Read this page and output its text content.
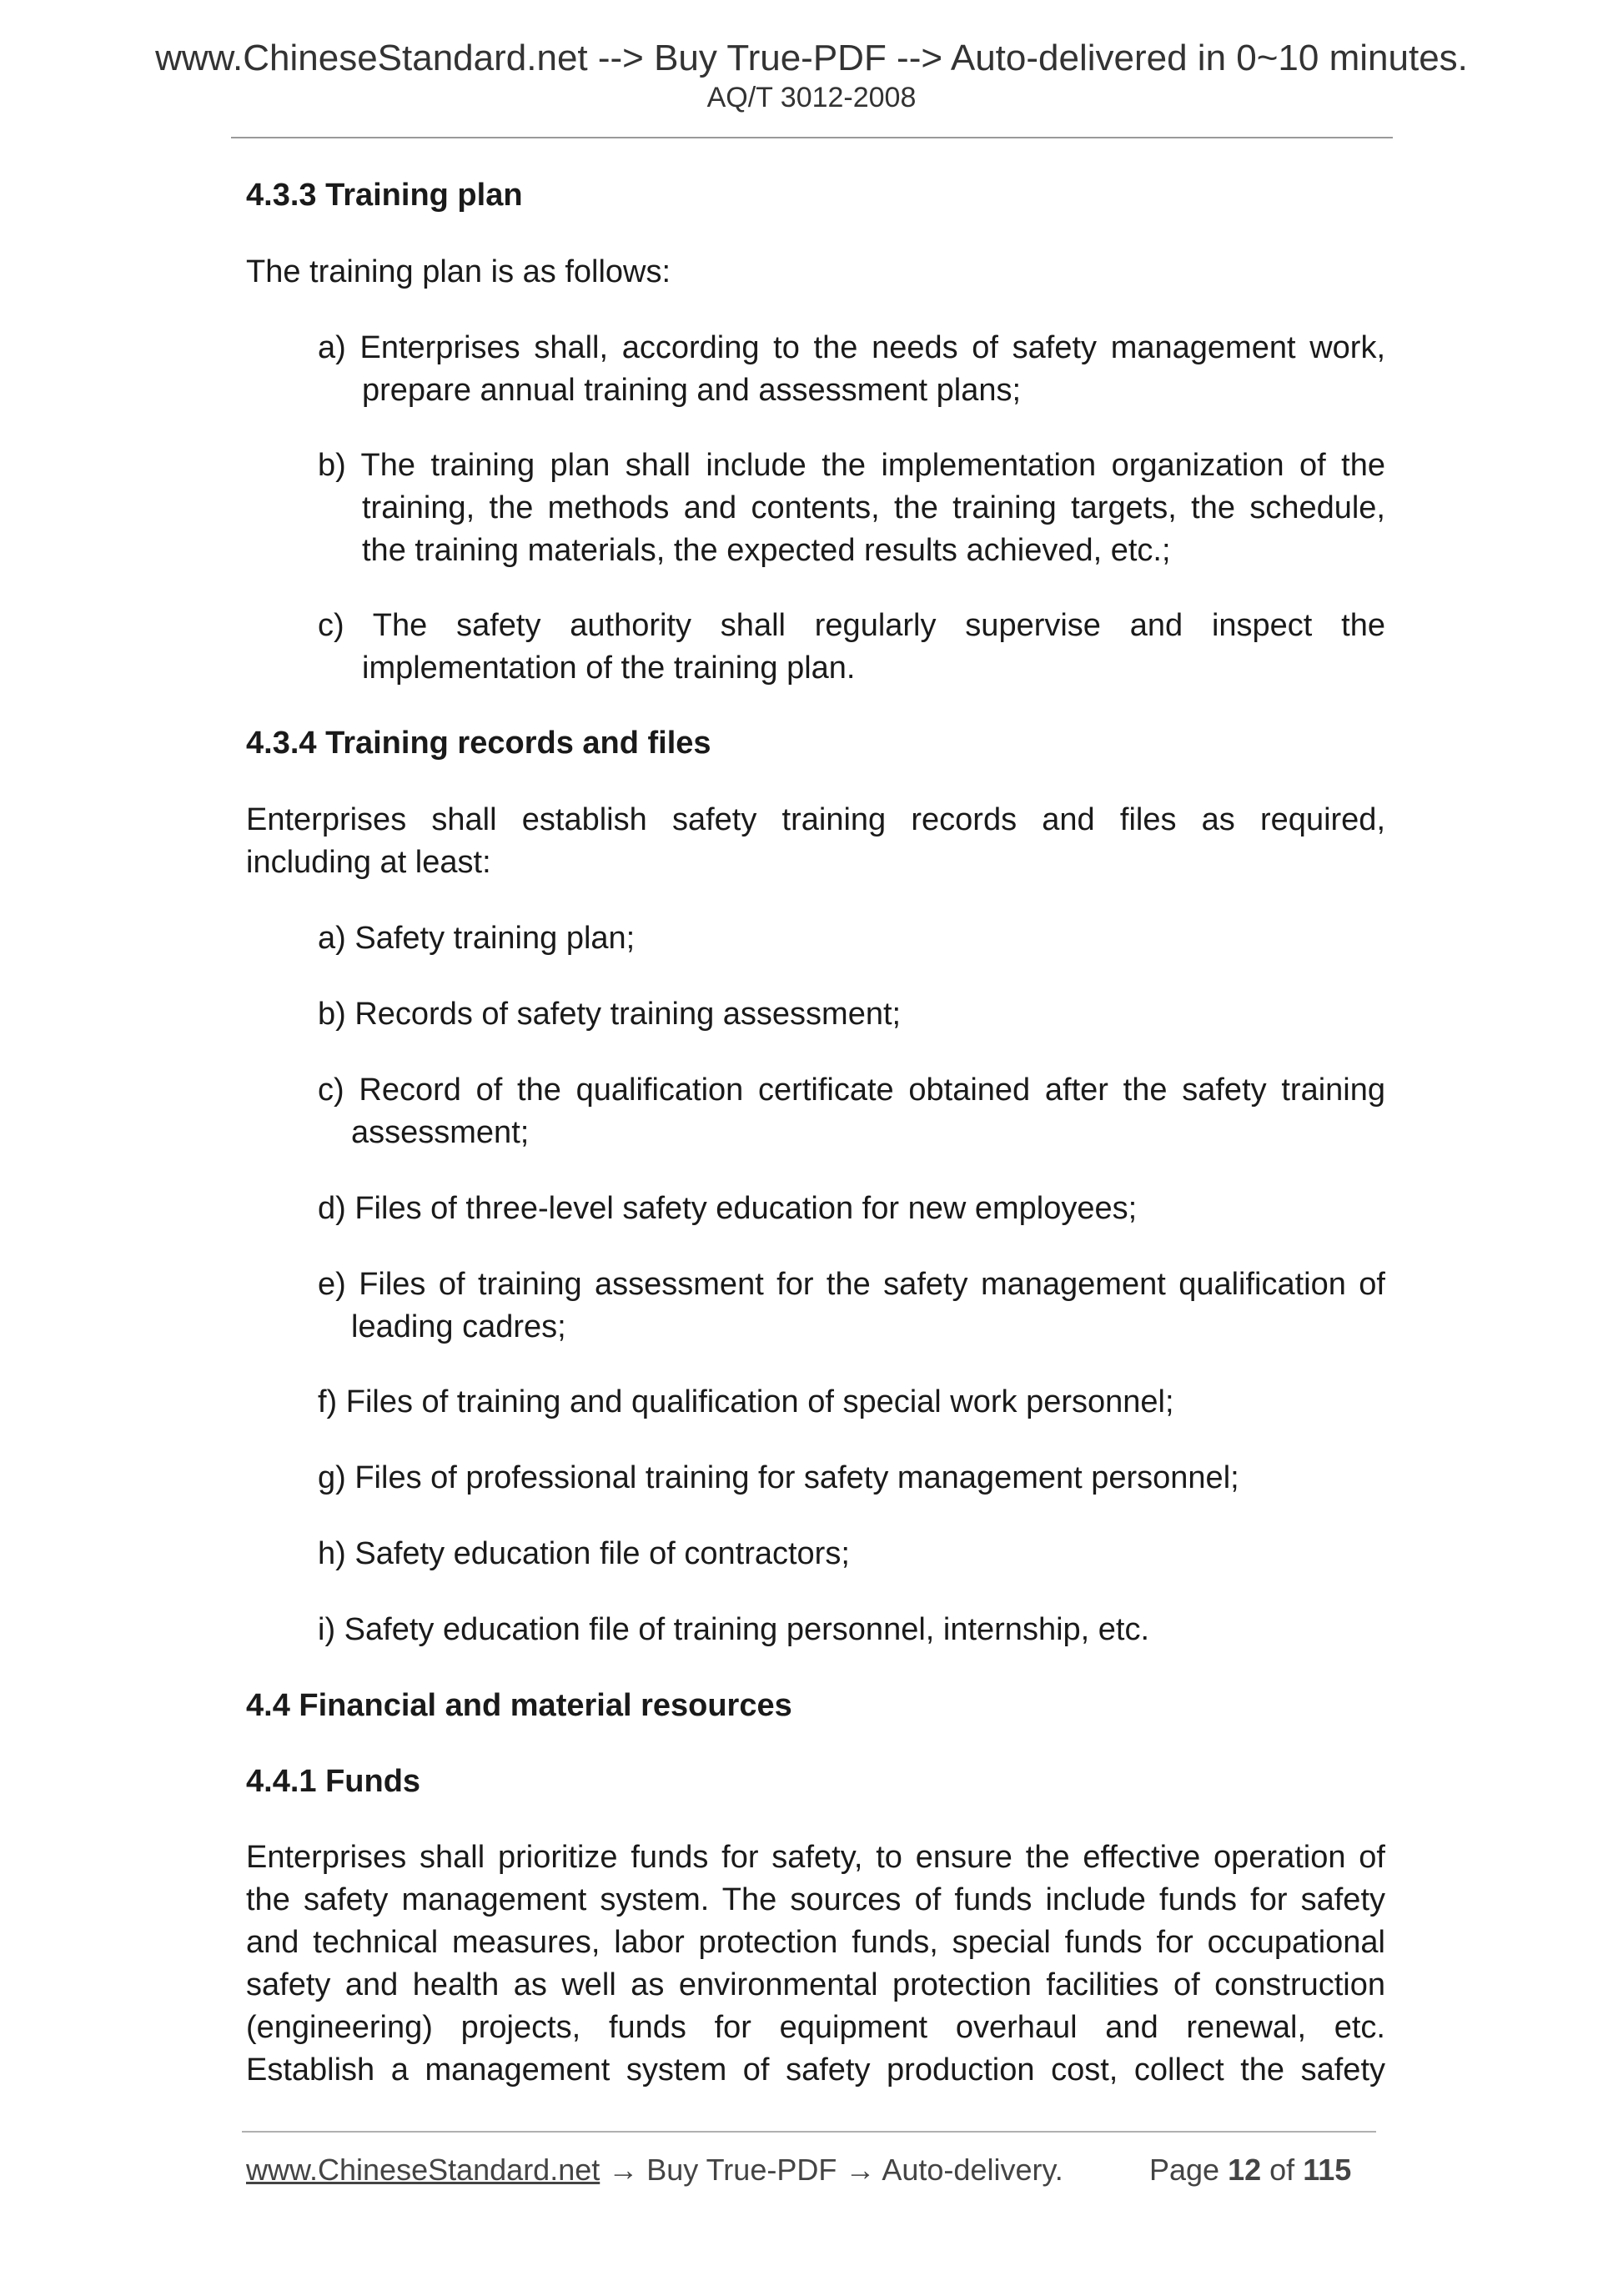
www.ChineseStandard.net --> Buy True-PDF --> Auto-delivered in 0~10 minutes.
AQ/T 3012-2008

4.3.3 Training plan

The training plan is as follows:

a) Enterprises shall, according to the needs of safety management work,
prepare annual training and assessment plans;
b) The training plan shall include the implementation organization of the
training, the methods and contents, the training targets, the schedule,
the training materials, the expected results achieved, etc.;
c) The safety authority shall regularly supervise and inspect the
implementation of the training plan.

4.3.4 Training records and files

Enterprises shall establish safety training records and files as required,
including at least:

a) Safety training plan;

b) Records of safety training assessment;

c) Record of the qualification certificate obtained after the safety training
assessment;

d) Files of three-level safety education for new employees;

e) Files of training assessment for the safety management qualification of
leading cadres;

f) Files of training and qualification of special work personnel;

g) Files of professional training for safety management personnel;

h) Safety education file of contractors;

i) Safety education file of training personnel, internship, etc.

4.4 Financial and material resources

4.4.1 Funds

Enterprises shall prioritize funds for safety, to ensure the effective operation of
the safety management system. The sources of funds include funds for safety
and technical measures, labor protection funds, special funds for occupational
safety and health as well as environmental protection facilities of construction
(engineering) projects, funds for equipment overhaul and renewal, etc.
Establish a management system of safety production cost, collect the safety
www.ChineseStandard.net → Buy True-PDF → Auto-delivery.	Page 12 of 115
